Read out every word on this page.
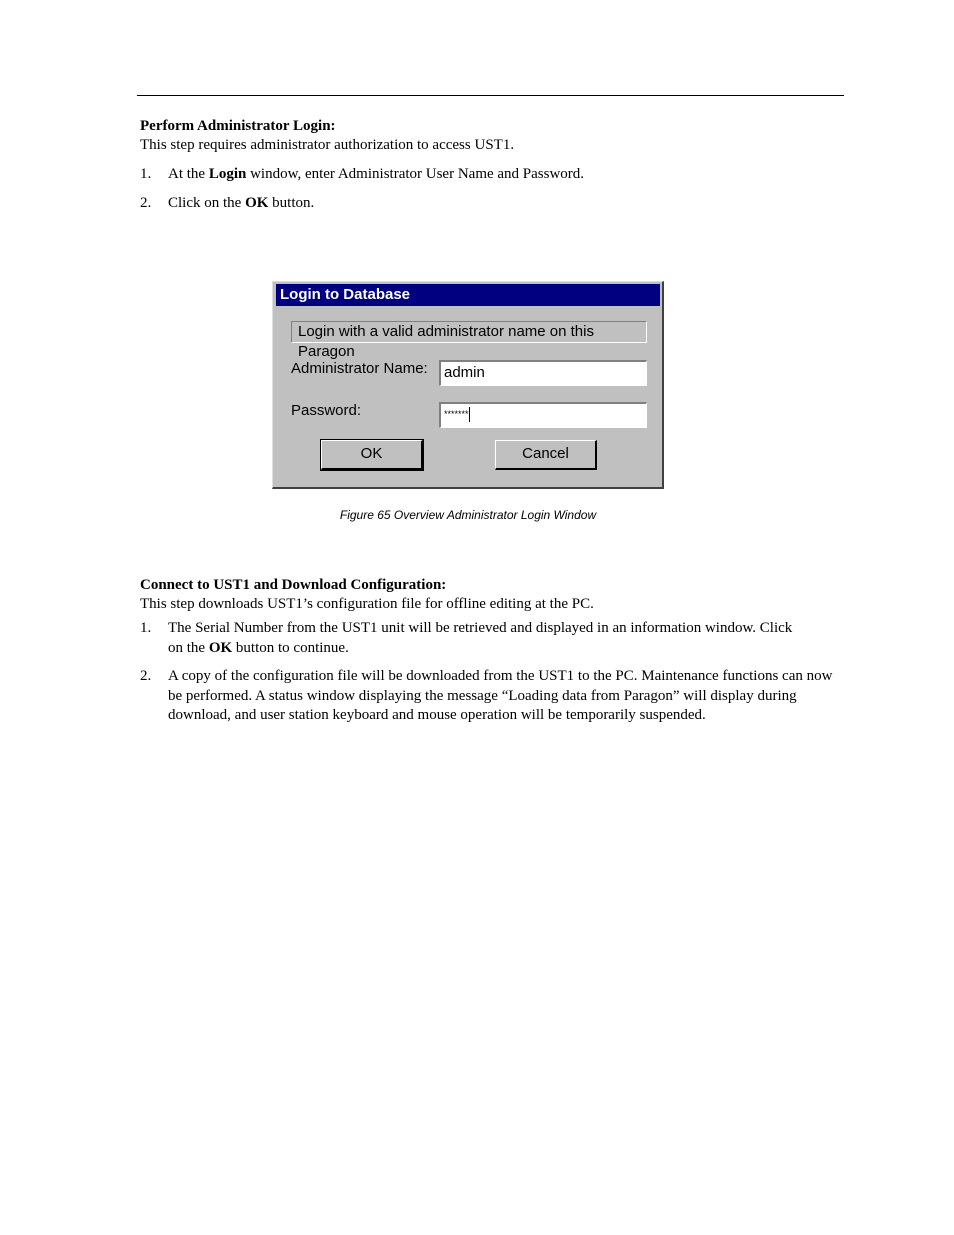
Perform Administrator Login:
This step requires administrator authorization to access UST1.
1. At the Login window, enter Administrator User Name and Password.
2. Click on the OK button.
Login to Database
Login with a valid administrator name on this Paragon
Administrator Name:	admin
Password:	*******
OK	Cancel
Figure 65 Overview Administrator Login Window
Connect to UST1 and Download Configuration:
This step downloads UST1’s configuration file for offline editing at the PC.
1. The Serial Number from the UST1 unit will be retrieved and displayed in an information window. Click on the OK button to continue.
2. A copy of the configuration file will be downloaded from the UST1 to the PC. Maintenance functions can now be performed. A status window displaying the message “Loading data from Paragon” will display during download, and user station keyboard and mouse operation will be temporarily suspended.
